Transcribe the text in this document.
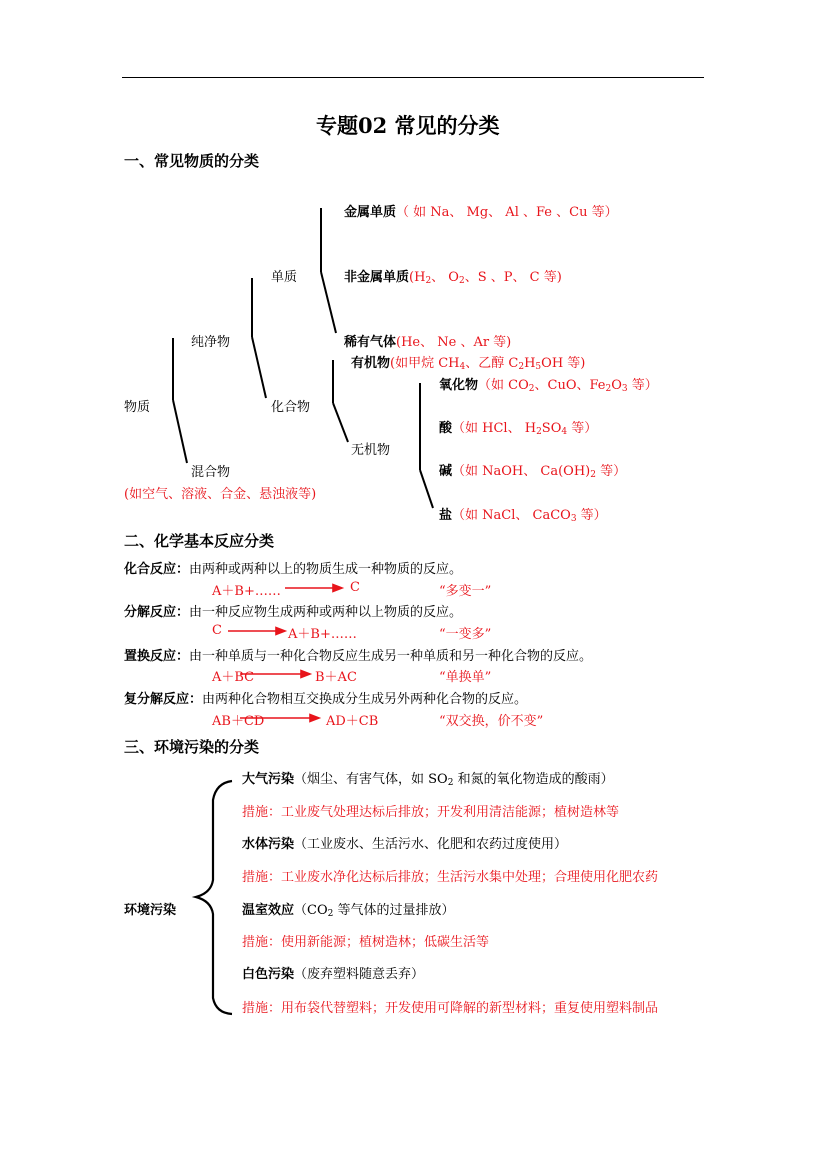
专题02 常见的分类
一、常见物质的分类
物质
纯净物
混合物
(如空气、溶液、合金、悬浊液等)
单质
化合物
金属单质（ 如 Na、 Mg、 Al 、Fe 、Cu 等）
非金属单质($H_2$、 $O_2$、S 、P、 C 等)
稀有气体(He、 Ne 、Ar 等)
有机物(如甲烷 $CH_4$、乙醇 $C_2H_5OH$ 等)
无机物
氧化物（如 $CO_2$、CuO、$Fe_2O_3$ 等）
酸（如 HCl、 $H_2SO_4$ 等）
碱（如 NaOH、 $Ca(OH)_2$ 等）
盐（如 NaCl、 CaCO$_3$ 等）
二、化学基本反应分类
化合反应：由两种或两种以上的物质生成一种物质的反应。
A＋B+……	C	“多变一”
分解反应：由一种反应物生成两种或两种以上物质的反应。
C	A＋B+……	“一变多”
置换反应：由一种单质与一种化合物反应生成另一种单质和另一种化合物的反应。
A＋BC	B＋AC	“单换单”
复分解反应：由两种化合物相互交换成分生成另外两种化合物的反应。
AB＋CD	AD＋CB	“双交换，价不变”
三、环境污染的分类
环境污染
大气污染（烟尘、有害气体，如 $SO_2$ 和氮的氧化物造成的酸雨）
措施：工业废气处理达标后排放；开发利用清洁能源；植树造林等
水体污染（工业废水、生活污水、化肥和农药过度使用）
措施：工业废水净化达标后排放；生活污水集中处理；合理使用化肥农药
温室效应（$CO_2$ 等气体的过量排放）
措施：使用新能源；植树造林；低碳生活等
白色污染（废弃塑料随意丢弃）
措施：用布袋代替塑料；开发使用可降解的新型材料；重复使用塑料制品
